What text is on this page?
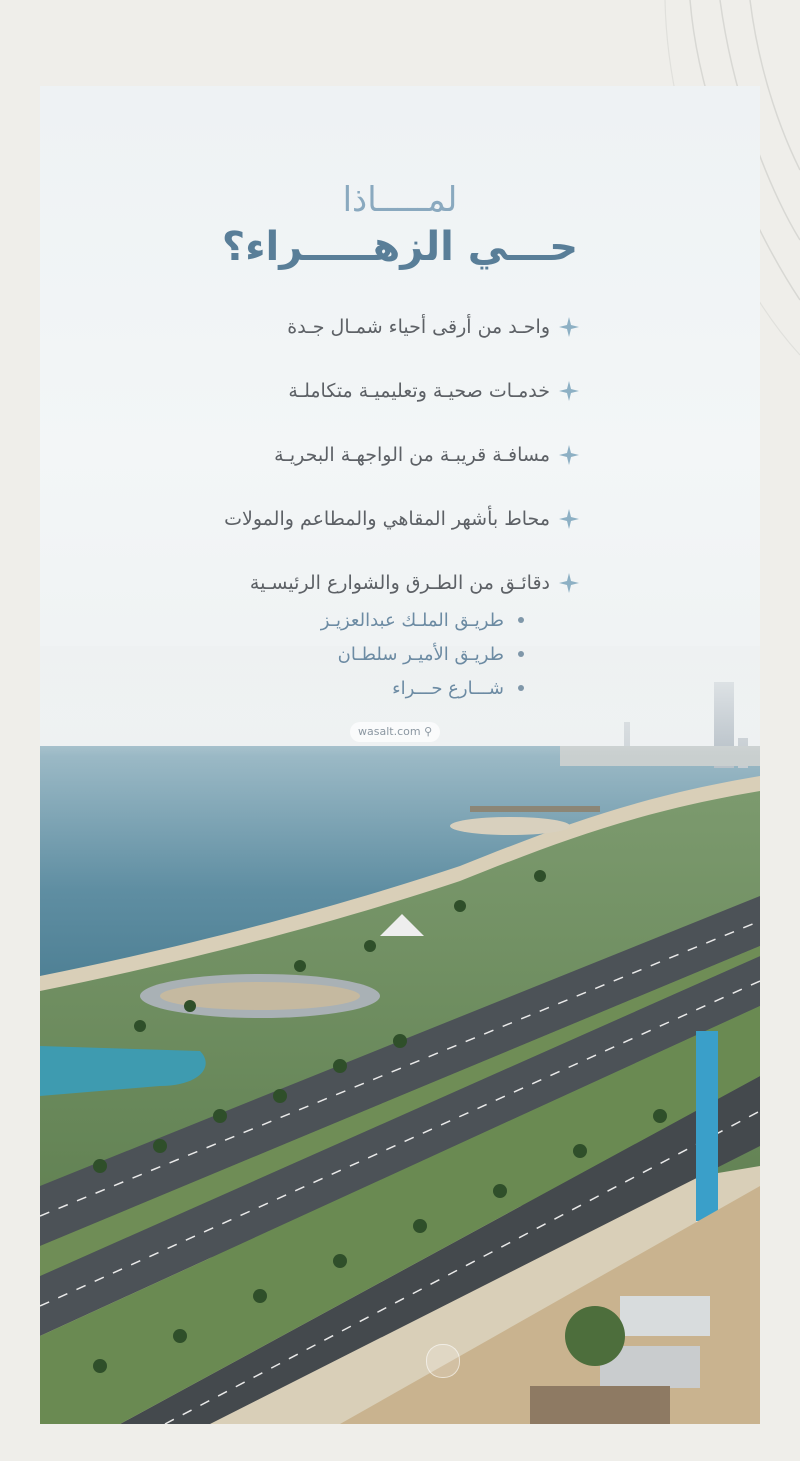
لمـــــاذا
حـــي الزهـــــراء؟
واحـد من أرقى أحياء شمـال جـدة
خدمـات صحيـة وتعليميـة متكاملـة
مسافـة قريبـة من الواجهـة البحريـة
محاط بأشهر المقاهي والمطاعم والمولات
دقائـق من الطـرق والشوارع الرئيسـية
طريـق الملـك عبدالعزيـز
طريـق الأميـر سلطـان
شـــارع حـــراء
wasalt.com ⚲
